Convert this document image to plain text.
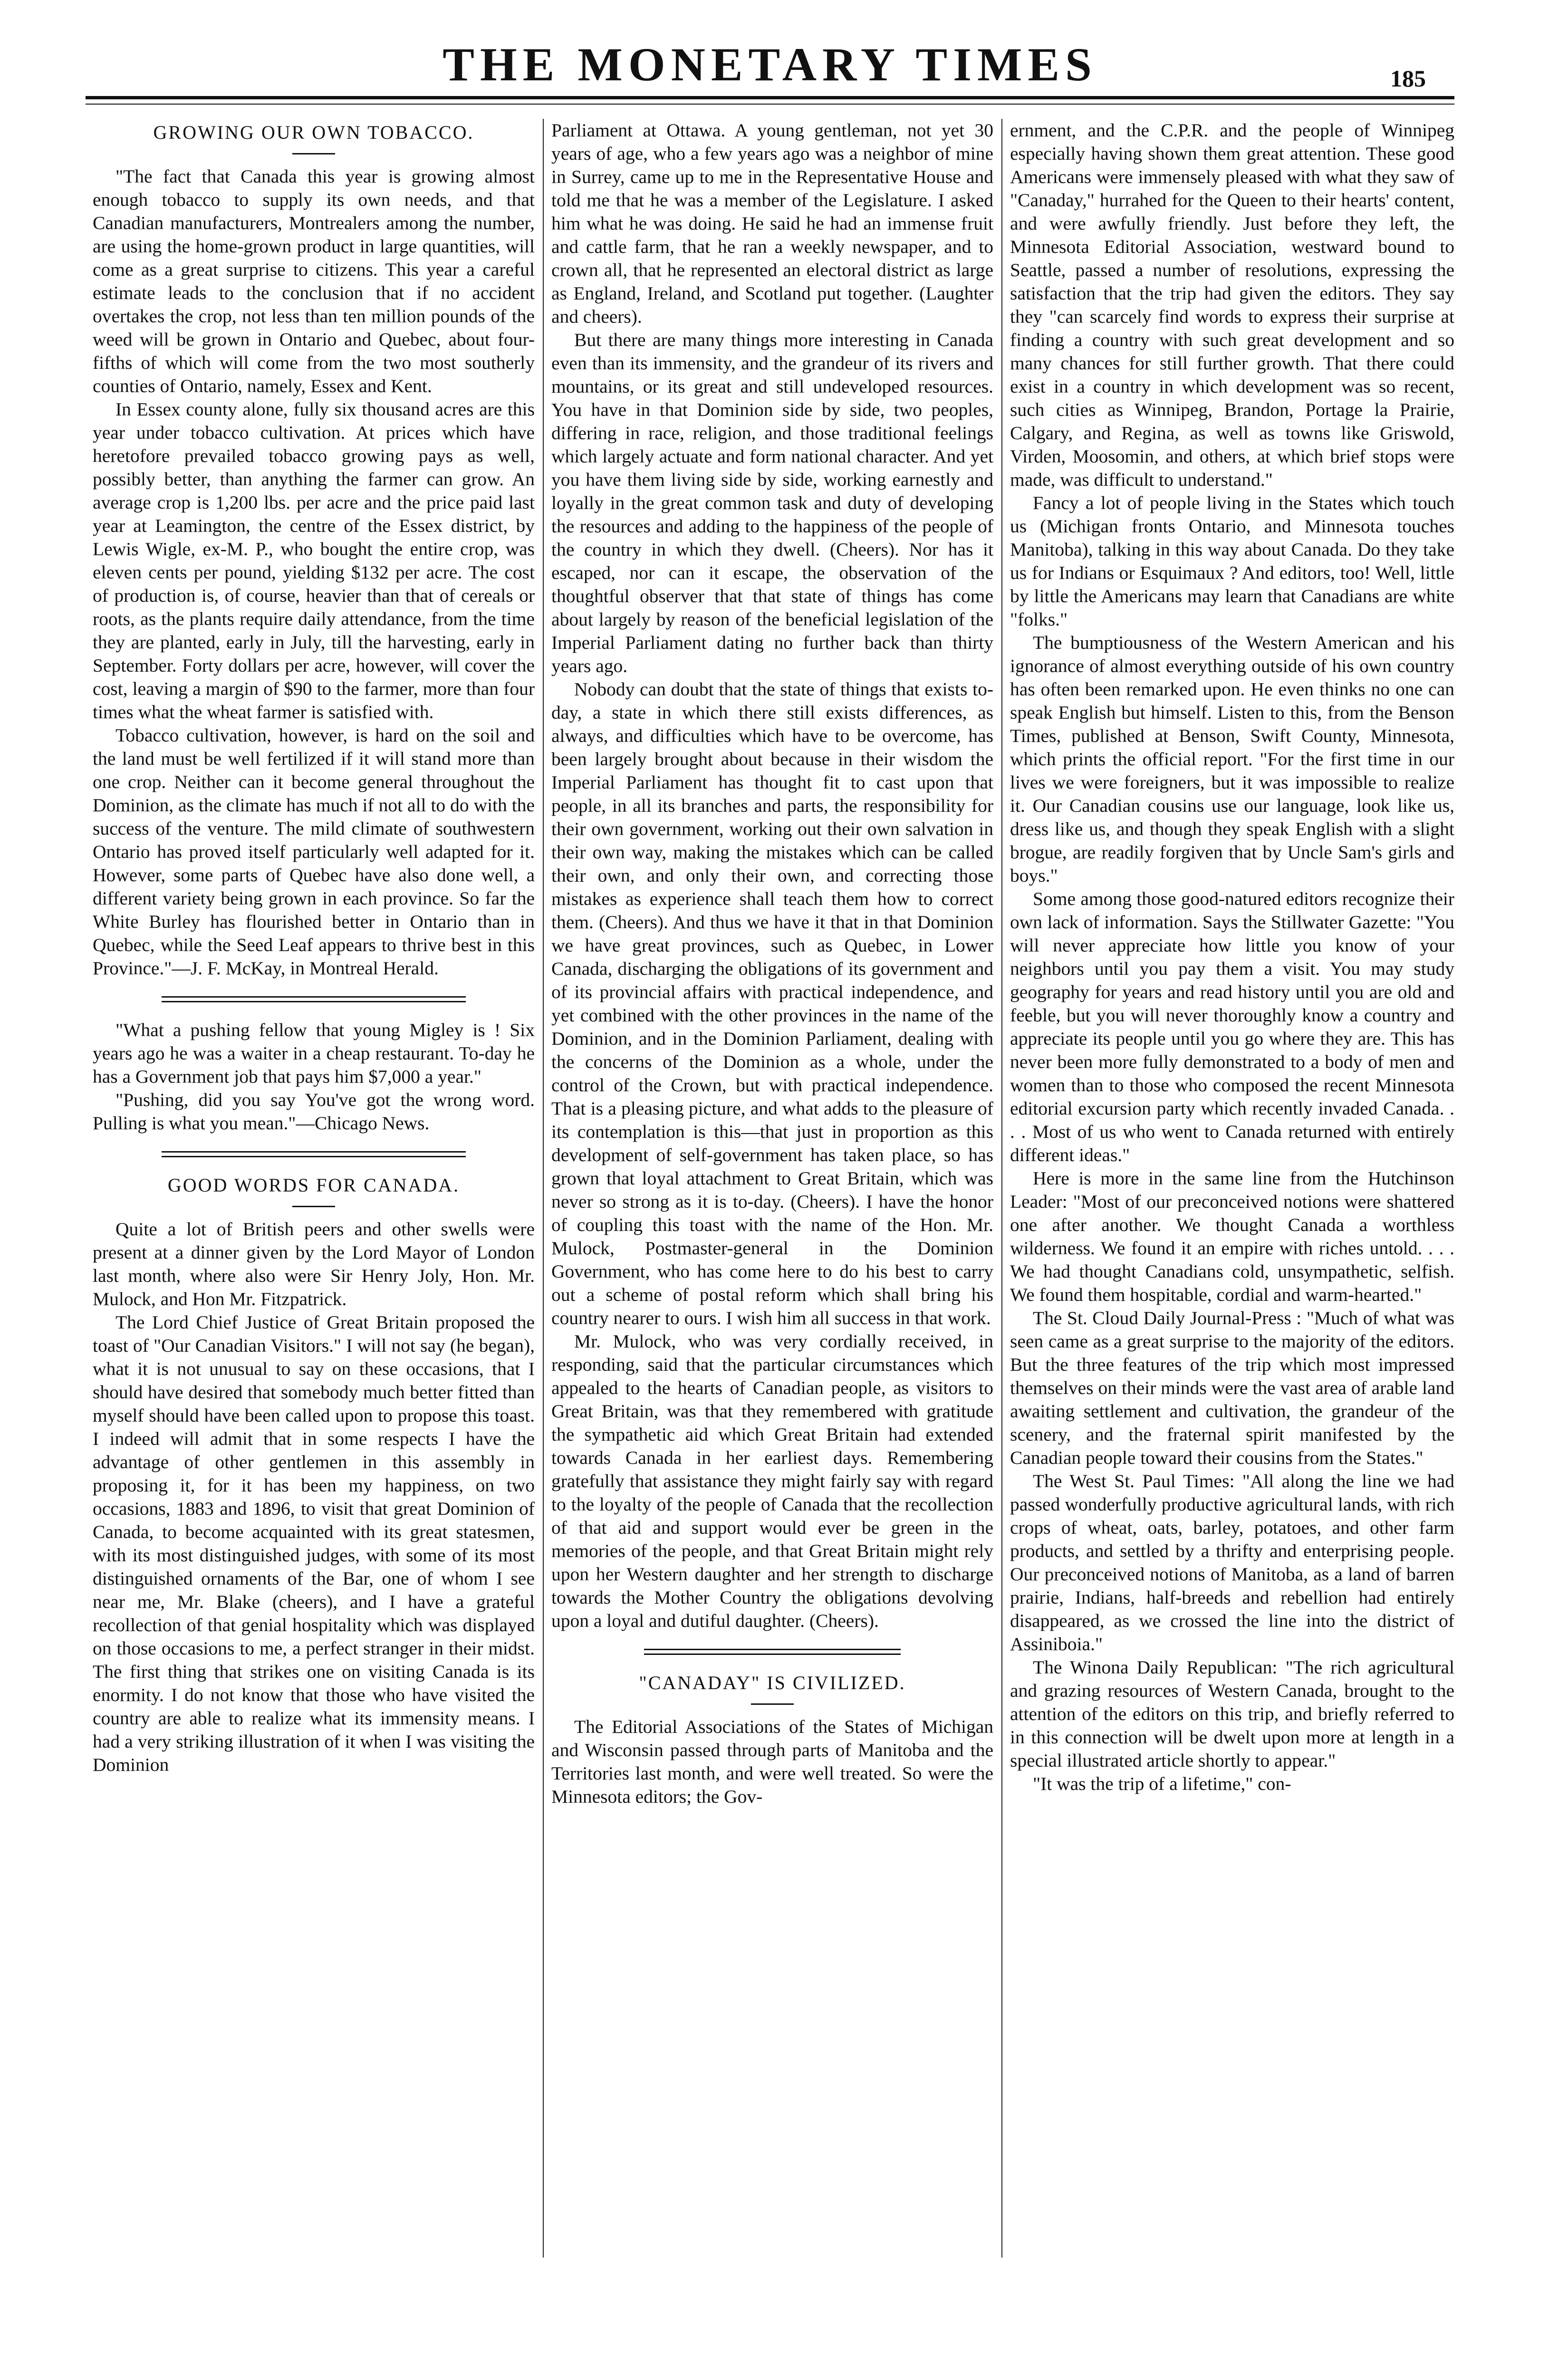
THE MONETARY TIMES	185
GROWING OUR OWN TOBACCO.

"The fact that Canada this year is growing almost enough tobacco to supply its own needs, and that Canadian manufacturers, Montrealers among the number, are using the home-grown product in large quantities, will come as a great surprise to citizens. This year a careful estimate leads to the conclusion that if no accident overtakes the crop, not less than ten million pounds of the weed will be grown in Ontario and Quebec, about four-fifths of which will come from the two most southerly counties of Ontario, namely, Essex and Kent.

In Essex county alone, fully six thousand acres are this year under tobacco cultivation. At prices which have heretofore prevailed tobacco growing pays as well, possibly better, than anything the farmer can grow. An average crop is 1,200 lbs. per acre and the price paid last year at Leamington, the centre of the Essex district, by Lewis Wigle, ex-M. P., who bought the entire crop, was eleven cents per pound, yielding $132 per acre. The cost of production is, of course, heavier than that of cereals or roots, as the plants require daily attendance, from the time they are planted, early in July, till the harvesting, early in September. Forty dollars per acre, however, will cover the cost, leaving a margin of $90 to the farmer, more than four times what the wheat farmer is satisfied with.

Tobacco cultivation, however, is hard on the soil and the land must be well fertilized if it will stand more than one crop. Neither can it become general throughout the Dominion, as the climate has much if not all to do with the success of the venture. The mild climate of southwestern Ontario has proved itself particularly well adapted for it. However, some parts of Quebec have also done well, a different variety being grown in each province. So far the White Burley has flourished better in Ontario than in Quebec, while the Seed Leaf appears to thrive best in this Province."—J. F. McKay, in Montreal Herald.

"What a pushing fellow that young Migley is ! Six years ago he was a waiter in a cheap restaurant. To-day he has a Government job that pays him $7,000 a year."

"Pushing, did you say You've got the wrong word. Pulling is what you mean."—Chicago News.

GOOD WORDS FOR CANADA.

Quite a lot of British peers and other swells were present at a dinner given by the Lord Mayor of London last month, where also were Sir Henry Joly, Hon. Mr. Mulock, and Hon Mr. Fitzpatrick.

The Lord Chief Justice of Great Britain proposed the toast of "Our Canadian Visitors." I will not say (he began), what it is not unusual to say on these occasions, that I should have desired that somebody much better fitted than myself should have been called upon to propose this toast. I indeed will admit that in some respects I have the advantage of other gentlemen in this assembly in proposing it, for it has been my happiness, on two occasions, 1883 and 1896, to visit that great Dominion of Canada, to become acquainted with its great statesmen, with its most distinguished judges, with some of its most distinguished ornaments of the Bar, one of whom I see near me, Mr. Blake (cheers), and I have a grateful recollection of that genial hospitality which was displayed on those occasions to me, a perfect stranger in their midst. The first thing that strikes one on visiting Canada is its enormity. I do not know that those who have visited the country are able to realize what its immensity means. I had a very striking illustration of it when I was visiting the Dominion

Parliament at Ottawa. A young gentleman, not yet 30 years of age, who a few years ago was a neighbor of mine in Surrey, came up to me in the Representative House and told me that he was a member of the Legislature. I asked him what he was doing. He said he had an immense fruit and cattle farm, that he ran a weekly newspaper, and to crown all, that he represented an electoral district as large as England, Ireland, and Scotland put together. (Laughter and cheers).

But there are many things more interesting in Canada even than its immensity, and the grandeur of its rivers and mountains, or its great and still undeveloped resources. You have in that Dominion side by side, two peoples, differing in race, religion, and those traditional feelings which largely actuate and form national character. And yet you have them living side by side, working earnestly and loyally in the great common task and duty of developing the resources and adding to the happiness of the people of the country in which they dwell. (Cheers). Nor has it escaped, nor can it escape, the observation of the thoughtful observer that that state of things has come about largely by reason of the beneficial legislation of the Imperial Parliament dating no further back than thirty years ago.

Nobody can doubt that the state of things that exists to-day, a state in which there still exists differences, as always, and difficulties which have to be overcome, has been largely brought about because in their wisdom the Imperial Parliament has thought fit to cast upon that people, in all its branches and parts, the responsibility for their own government, working out their own salvation in their own way, making the mistakes which can be called their own, and only their own, and correcting those mistakes as experience shall teach them how to correct them. (Cheers). And thus we have it that in that Dominion we have great provinces, such as Quebec, in Lower Canada, discharging the obligations of its government and of its provincial affairs with practical independence, and yet combined with the other provinces in the name of the Dominion, and in the Dominion Parliament, dealing with the concerns of the Dominion as a whole, under the control of the Crown, but with practical independence. That is a pleasing picture, and what adds to the pleasure of its contemplation is this—that just in proportion as this development of self-government has taken place, so has grown that loyal attachment to Great Britain, which was never so strong as it is to-day. (Cheers). I have the honor of coupling this toast with the name of the Hon. Mr. Mulock, Postmaster-general in the Dominion Government, who has come here to do his best to carry out a scheme of postal reform which shall bring his country nearer to ours. I wish him all success in that work.

Mr. Mulock, who was very cordially received, in responding, said that the particular circumstances which appealed to the hearts of Canadian people, as visitors to Great Britain, was that they remembered with gratitude the sympathetic aid which Great Britain had extended towards Canada in her earliest days. Remembering gratefully that assistance they might fairly say with regard to the loyalty of the people of Canada that the recollection of that aid and support would ever be green in the memories of the people, and that Great Britain might rely upon her Western daughter and her strength to discharge towards the Mother Country the obligations devolving upon a loyal and dutiful daughter. (Cheers).

"CANADAY" IS CIVILIZED.

The Editorial Associations of the States of Michigan and Wisconsin passed through parts of Manitoba and the Territories last month, and were well treated. So were the Minnesota editors; the Gov-

ernment, and the C.P.R. and the people of Winnipeg especially having shown them great attention. These good Americans were immensely pleased with what they saw of "Canaday," hurrahed for the Queen to their hearts' content, and were awfully friendly. Just before they left, the Minnesota Editorial Association, westward bound to Seattle, passed a number of resolutions, expressing the satisfaction that the trip had given the editors. They say they "can scarcely find words to express their surprise at finding a country with such great development and so many chances for still further growth. That there could exist in a country in which development was so recent, such cities as Winnipeg, Brandon, Portage la Prairie, Calgary, and Regina, as well as towns like Griswold, Virden, Moosomin, and others, at which brief stops were made, was difficult to understand."

Fancy a lot of people living in the States which touch us (Michigan fronts Ontario, and Minnesota touches Manitoba), talking in this way about Canada. Do they take us for Indians or Esquimaux ? And editors, too! Well, little by little the Americans may learn that Canadians are white "folks."

The bumptiousness of the Western American and his ignorance of almost everything outside of his own country has often been remarked upon. He even thinks no one can speak English but himself. Listen to this, from the Benson Times, published at Benson, Swift County, Minnesota, which prints the official report. "For the first time in our lives we were foreigners, but it was impossible to realize it. Our Canadian cousins use our language, look like us, dress like us, and though they speak English with a slight brogue, are readily forgiven that by Uncle Sam's girls and boys."

Some among those good-natured editors recognize their own lack of information. Says the Stillwater Gazette: "You will never appreciate how little you know of your neighbors until you pay them a visit. You may study geography for years and read history until you are old and feeble, but you will never thoroughly know a country and appreciate its people until you go where they are. This has never been more fully demonstrated to a body of men and women than to those who composed the recent Minnesota editorial excursion party which recently invaded Canada. . . . Most of us who went to Canada returned with entirely different ideas."

Here is more in the same line from the Hutchinson Leader: "Most of our preconceived notions were shattered one after another. We thought Canada a worthless wilderness. We found it an empire with riches untold. . . . We had thought Canadians cold, unsympathetic, selfish. We found them hospitable, cordial and warm-hearted."

The St. Cloud Daily Journal-Press : "Much of what was seen came as a great surprise to the majority of the editors. But the three features of the trip which most impressed themselves on their minds were the vast area of arable land awaiting settlement and cultivation, the grandeur of the scenery, and the fraternal spirit manifested by the Canadian people toward their cousins from the States."

The West St. Paul Times: "All along the line we had passed wonderfully productive agricultural lands, with rich crops of wheat, oats, barley, potatoes, and other farm products, and settled by a thrifty and enterprising people. Our preconceived notions of Manitoba, as a land of barren prairie, Indians, half-breeds and rebellion had entirely disappeared, as we crossed the line into the district of Assiniboia."

The Winona Daily Republican: "The rich agricultural and grazing resources of Western Canada, brought to the attention of the editors on this trip, and briefly referred to in this connection will be dwelt upon more at length in a special illustrated article shortly to appear."

"It was the trip of a lifetime," con-
